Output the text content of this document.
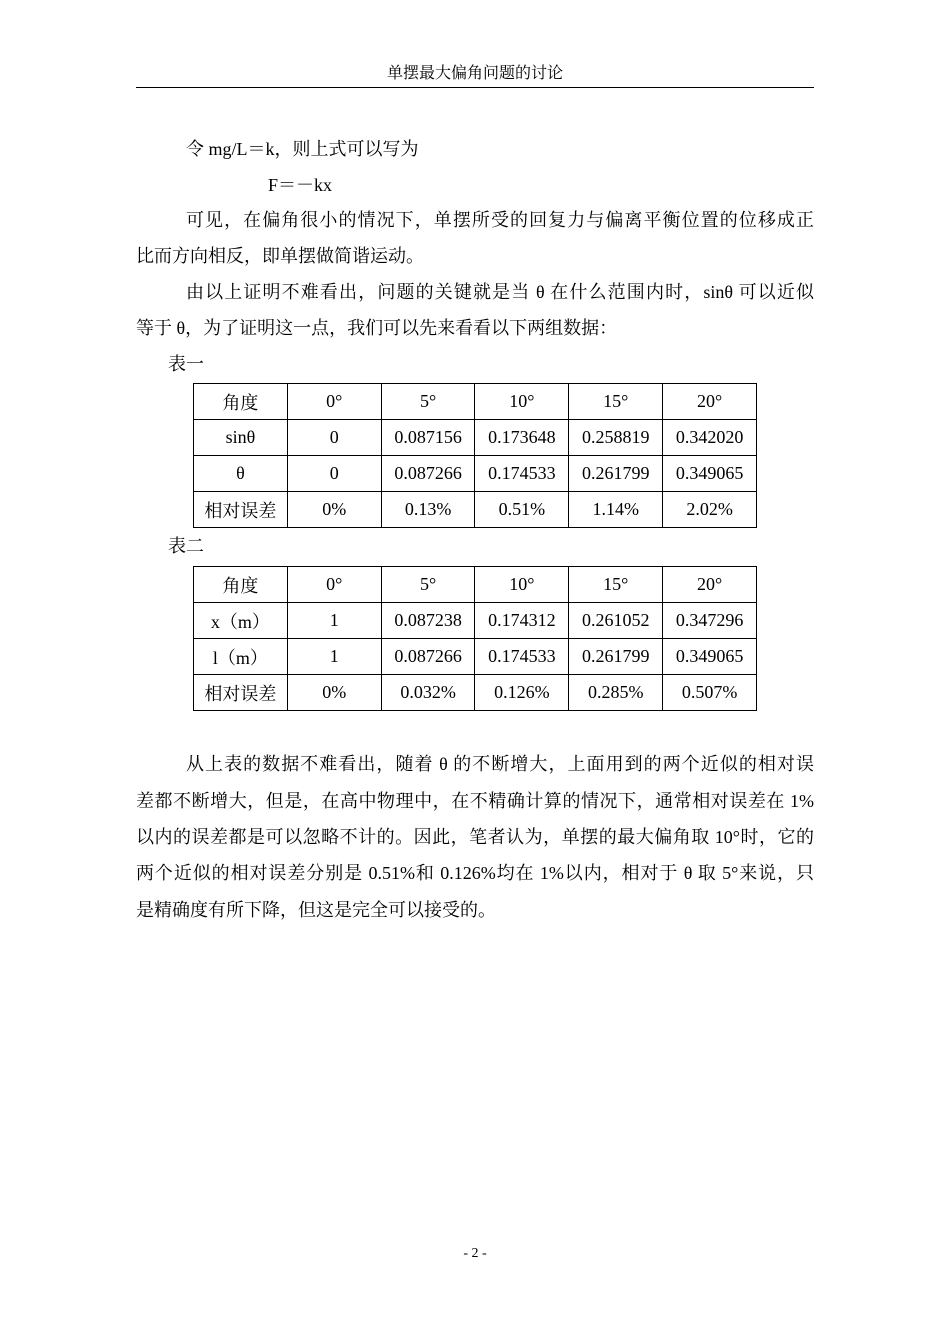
单摆最大偏角问题的讨论
令 mg/L＝k，则上式可以写为
F＝－kx
可见，在偏角很小的情况下，单摆所受的回复力与偏离平衡位置的位移成正
比而方向相反，即单摆做简谐运动。
由以上证明不难看出，问题的关键就是当 θ 在什么范围内时，sinθ 可以近似
等于 θ，为了证明这一点，我们可以先来看看以下两组数据：
表一
角度	0°	5°	10°	15°	20°
sinθ	0	0.087156	0.173648	0.258819	0.342020
θ	0	0.087266	0.174533	0.261799	0.349065
相对误差	0%	0.13%	0.51%	1.14%	2.02%
表二
角度	0°	5°	10°	15°	20°
x（m）	1	0.087238	0.174312	0.261052	0.347296
l（m）	1	0.087266	0.174533	0.261799	0.349065
相对误差	0%	0.032%	0.126%	0.285%	0.507%
从上表的数据不难看出，随着 θ 的不断增大，上面用到的两个近似的相对误
差都不断增大，但是，在高中物理中，在不精确计算的情况下，通常相对误差在 1%
以内的误差都是可以忽略不计的。因此，笔者认为，单摆的最大偏角取 10°时，它的
两个近似的相对误差分别是 0.51%和 0.126%均在 1%以内，相对于 θ 取 5°来说，只
是精确度有所下降，但这是完全可以接受的。
- 2 -
